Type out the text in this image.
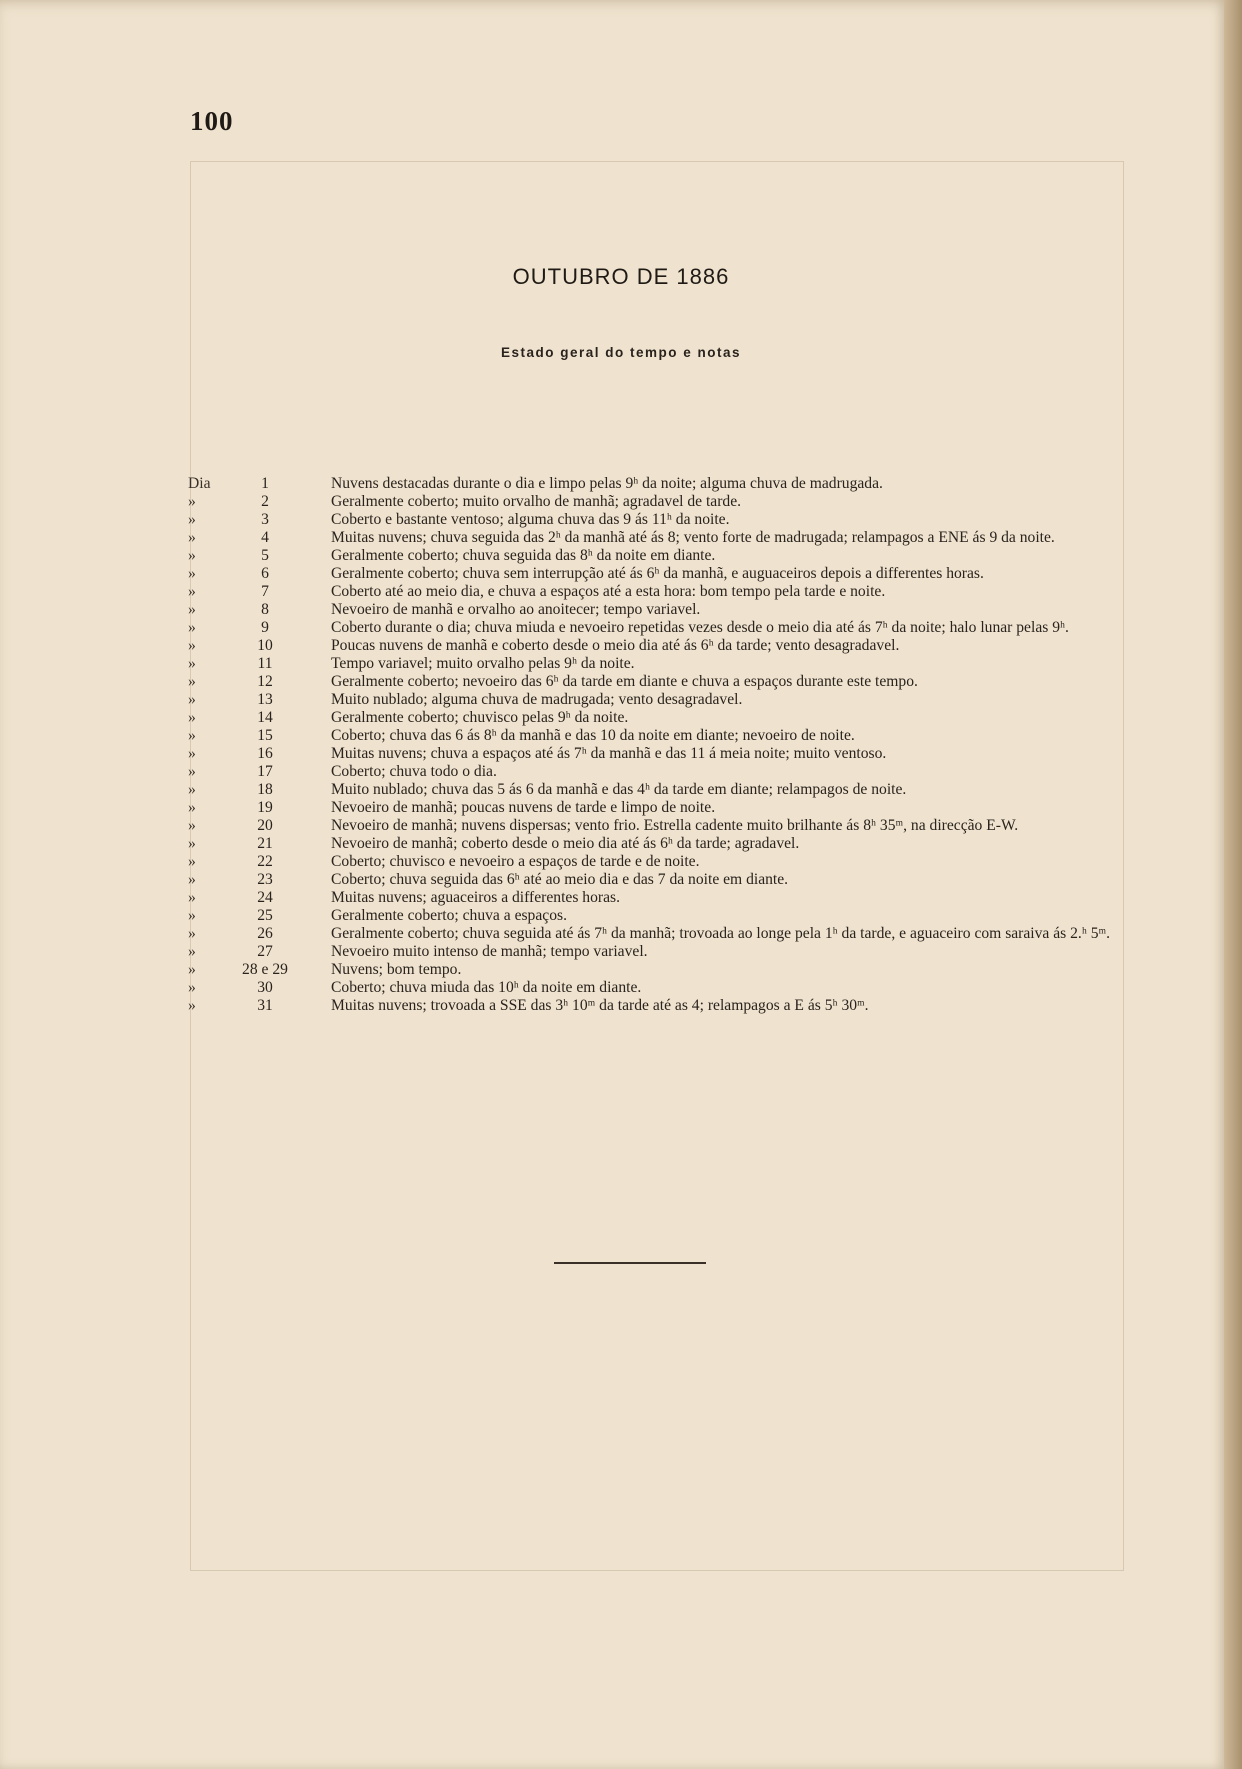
100
OUTUBRO DE 1886
Estado geral do tempo e notas
Dia	1	Nuvens destacadas durante o dia e limpo pelas 9ʰ da noite; alguma chuva de madrugada.
»	2	Geralmente coberto; muito orvalho de manhã; agradavel de tarde.
»	3	Coberto e bastante ventoso; alguma chuva das 9 ás 11ʰ da noite.
»	4	Muitas nuvens; chuva seguida das 2ʰ da manhã até ás 8; vento forte de madrugada; relampagos a ENE ás 9 da noite.
»	5	Geralmente coberto; chuva seguida das 8ʰ da noite em diante.
»	6	Geralmente coberto; chuva sem interrupção até ás 6ʰ da manhã, e auguaceiros depois a differentes horas.
»	7	Coberto até ao meio dia, e chuva a espaços até a esta hora: bom tempo pela tarde e noite.
»	8	Nevoeiro de manhã e orvalho ao anoitecer; tempo variavel.
»	9	Coberto durante o dia; chuva miuda e nevoeiro repetidas vezes desde o meio dia até ás 7ʰ da noite; halo lunar pelas 9ʰ.
»	10	Poucas nuvens de manhã e coberto desde o meio dia até ás 6ʰ da tarde; vento desagradavel.
»	11	Tempo variavel; muito orvalho pelas 9ʰ da noite.
»	12	Geralmente coberto; nevoeiro das 6ʰ da tarde em diante e chuva a espaços durante este tempo.
»	13	Muito nublado; alguma chuva de madrugada; vento desagradavel.
»	14	Geralmente coberto; chuvisco pelas 9ʰ da noite.
»	15	Coberto; chuva das 6 ás 8ʰ da manhã e das 10 da noite em diante; nevoeiro de noite.
»	16	Muitas nuvens; chuva a espaços até ás 7ʰ da manhã e das 11 á meia noite; muito ventoso.
»	17	Coberto; chuva todo o dia.
»	18	Muito nublado; chuva das 5 ás 6 da manhã e das 4ʰ da tarde em diante; relampagos de noite.
»	19	Nevoeiro de manhã; poucas nuvens de tarde e limpo de noite.
»	20	Nevoeiro de manhã; nuvens dispersas; vento frio. Estrella cadente muito brilhante ás 8ʰ 35ᵐ, na direcção E-W.
»	21	Nevoeiro de manhã; coberto desde o meio dia até ás 6ʰ da tarde; agradavel.
»	22	Coberto; chuvisco e nevoeiro a espaços de tarde e de noite.
»	23	Coberto; chuva seguida das 6ʰ até ao meio dia e das 7 da noite em diante.
»	24	Muitas nuvens; aguaceiros a differentes horas.
»	25	Geralmente coberto; chuva a espaços.
»	26	Geralmente coberto; chuva seguida até ás 7ʰ da manhã; trovoada ao longe pela 1ʰ da tarde, e aguaceiro com saraiva ás 2.ʰ 5ᵐ.
»	27	Nevoeiro muito intenso de manhã; tempo variavel.
»	28 e 29	Nuvens; bom tempo.
»	30	Coberto; chuva miuda das 10ʰ da noite em diante.
»	31	Muitas nuvens; trovoada a SSE das 3ʰ 10ᵐ da tarde até as 4; relampagos a E ás 5ʰ 30ᵐ.
